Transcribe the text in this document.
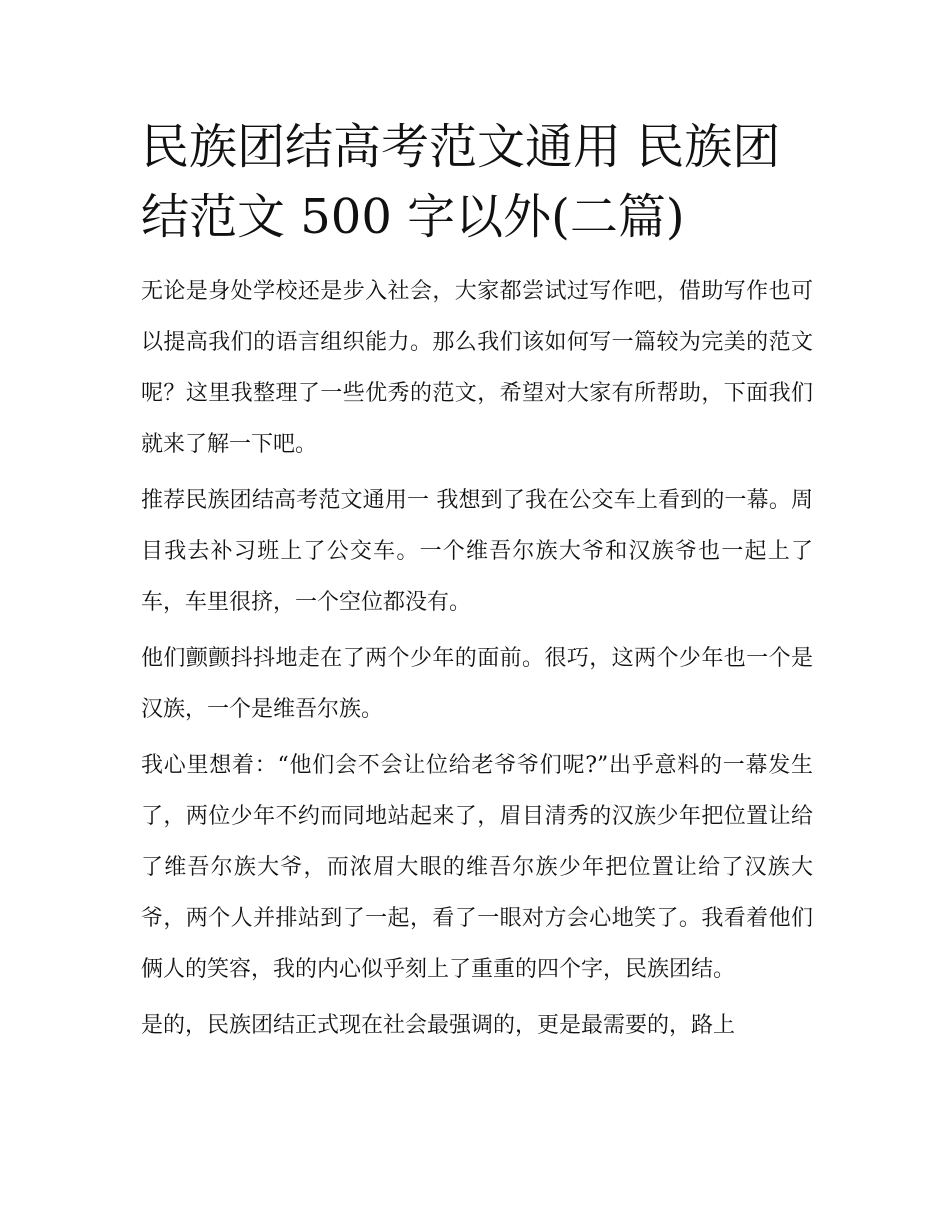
民族团结高考范文通用 民族团结范文 500 字以外(二篇)

无论是身处学校还是步入社会，大家都尝试过写作吧，借助写作也可以提高我们的语言组织能力。那么我们该如何写一篇较为完美的范文呢？这里我整理了一些优秀的范文，希望对大家有所帮助，下面我们就来了解一下吧。

推荐民族团结高考范文通用一 我想到了我在公交车上看到的一幕。周目我去补习班上了公交车。一个维吾尔族大爷和汉族爷也一起上了车，车里很挤，一个空位都没有。

他们颤颤抖抖地走在了两个少年的面前。很巧，这两个少年也一个是汉族，一个是维吾尔族。

我心里想着：“他们会不会让位给老爷爷们呢?”出乎意料的一幕发生了，两位少年不约而同地站起来了，眉目清秀的汉族少年把位置让给了维吾尔族大爷，而浓眉大眼的维吾尔族少年把位置让给了汉族大爷，两个人并排站到了一起，看了一眼对方会心地笑了。我看着他们俩人的笑容，我的内心似乎刻上了重重的四个字，民族团结。

是的，民族团结正式现在社会最强调的，更是最需要的，路上
